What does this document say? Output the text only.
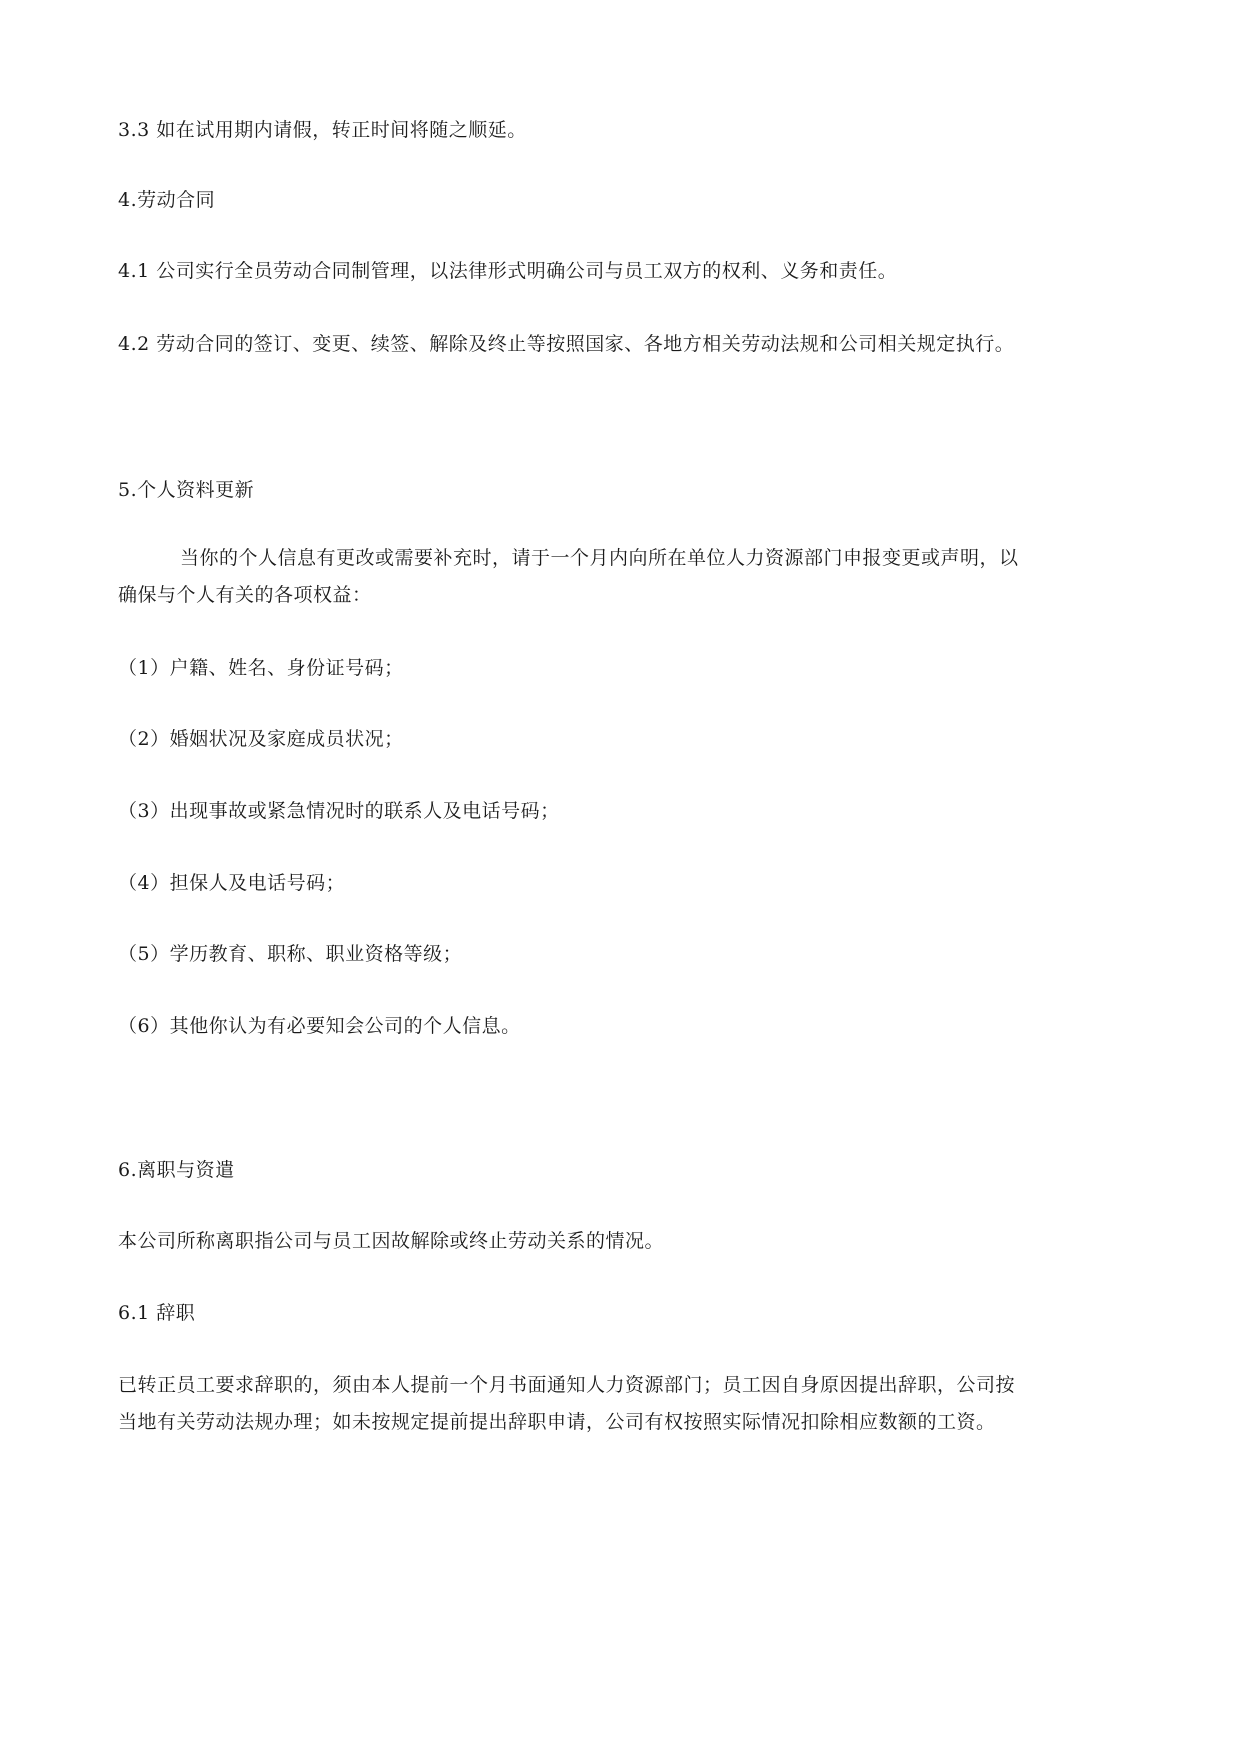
3.3 如在试用期内请假，转正时间将随之顺延。
4.劳动合同
4.1 公司实行全员劳动合同制管理，以法律形式明确公司与员工双方的权利、义务和责任。
4.2 劳动合同的签订、变更、续签、解除及终止等按照国家、各地方相关劳动法规和公司相关规定执行。
5.个人资料更新
当你的个人信息有更改或需要补充时，请于一个月内向所在单位人力资源部门申报变更或声明，以
确保与个人有关的各项权益：
（1）户籍、姓名、身份证号码；
（2）婚姻状况及家庭成员状况；
（3）出现事故或紧急情况时的联系人及电话号码；
（4）担保人及电话号码；
（5）学历教育、职称、职业资格等级；
（6）其他你认为有必要知会公司的个人信息。
6.离职与资遣
本公司所称离职指公司与员工因故解除或终止劳动关系的情况。
6.1 辞职
已转正员工要求辞职的，须由本人提前一个月书面通知人力资源部门；员工因自身原因提出辞职，公司按
当地有关劳动法规办理；如未按规定提前提出辞职申请，公司有权按照实际情况扣除相应数额的工资。
